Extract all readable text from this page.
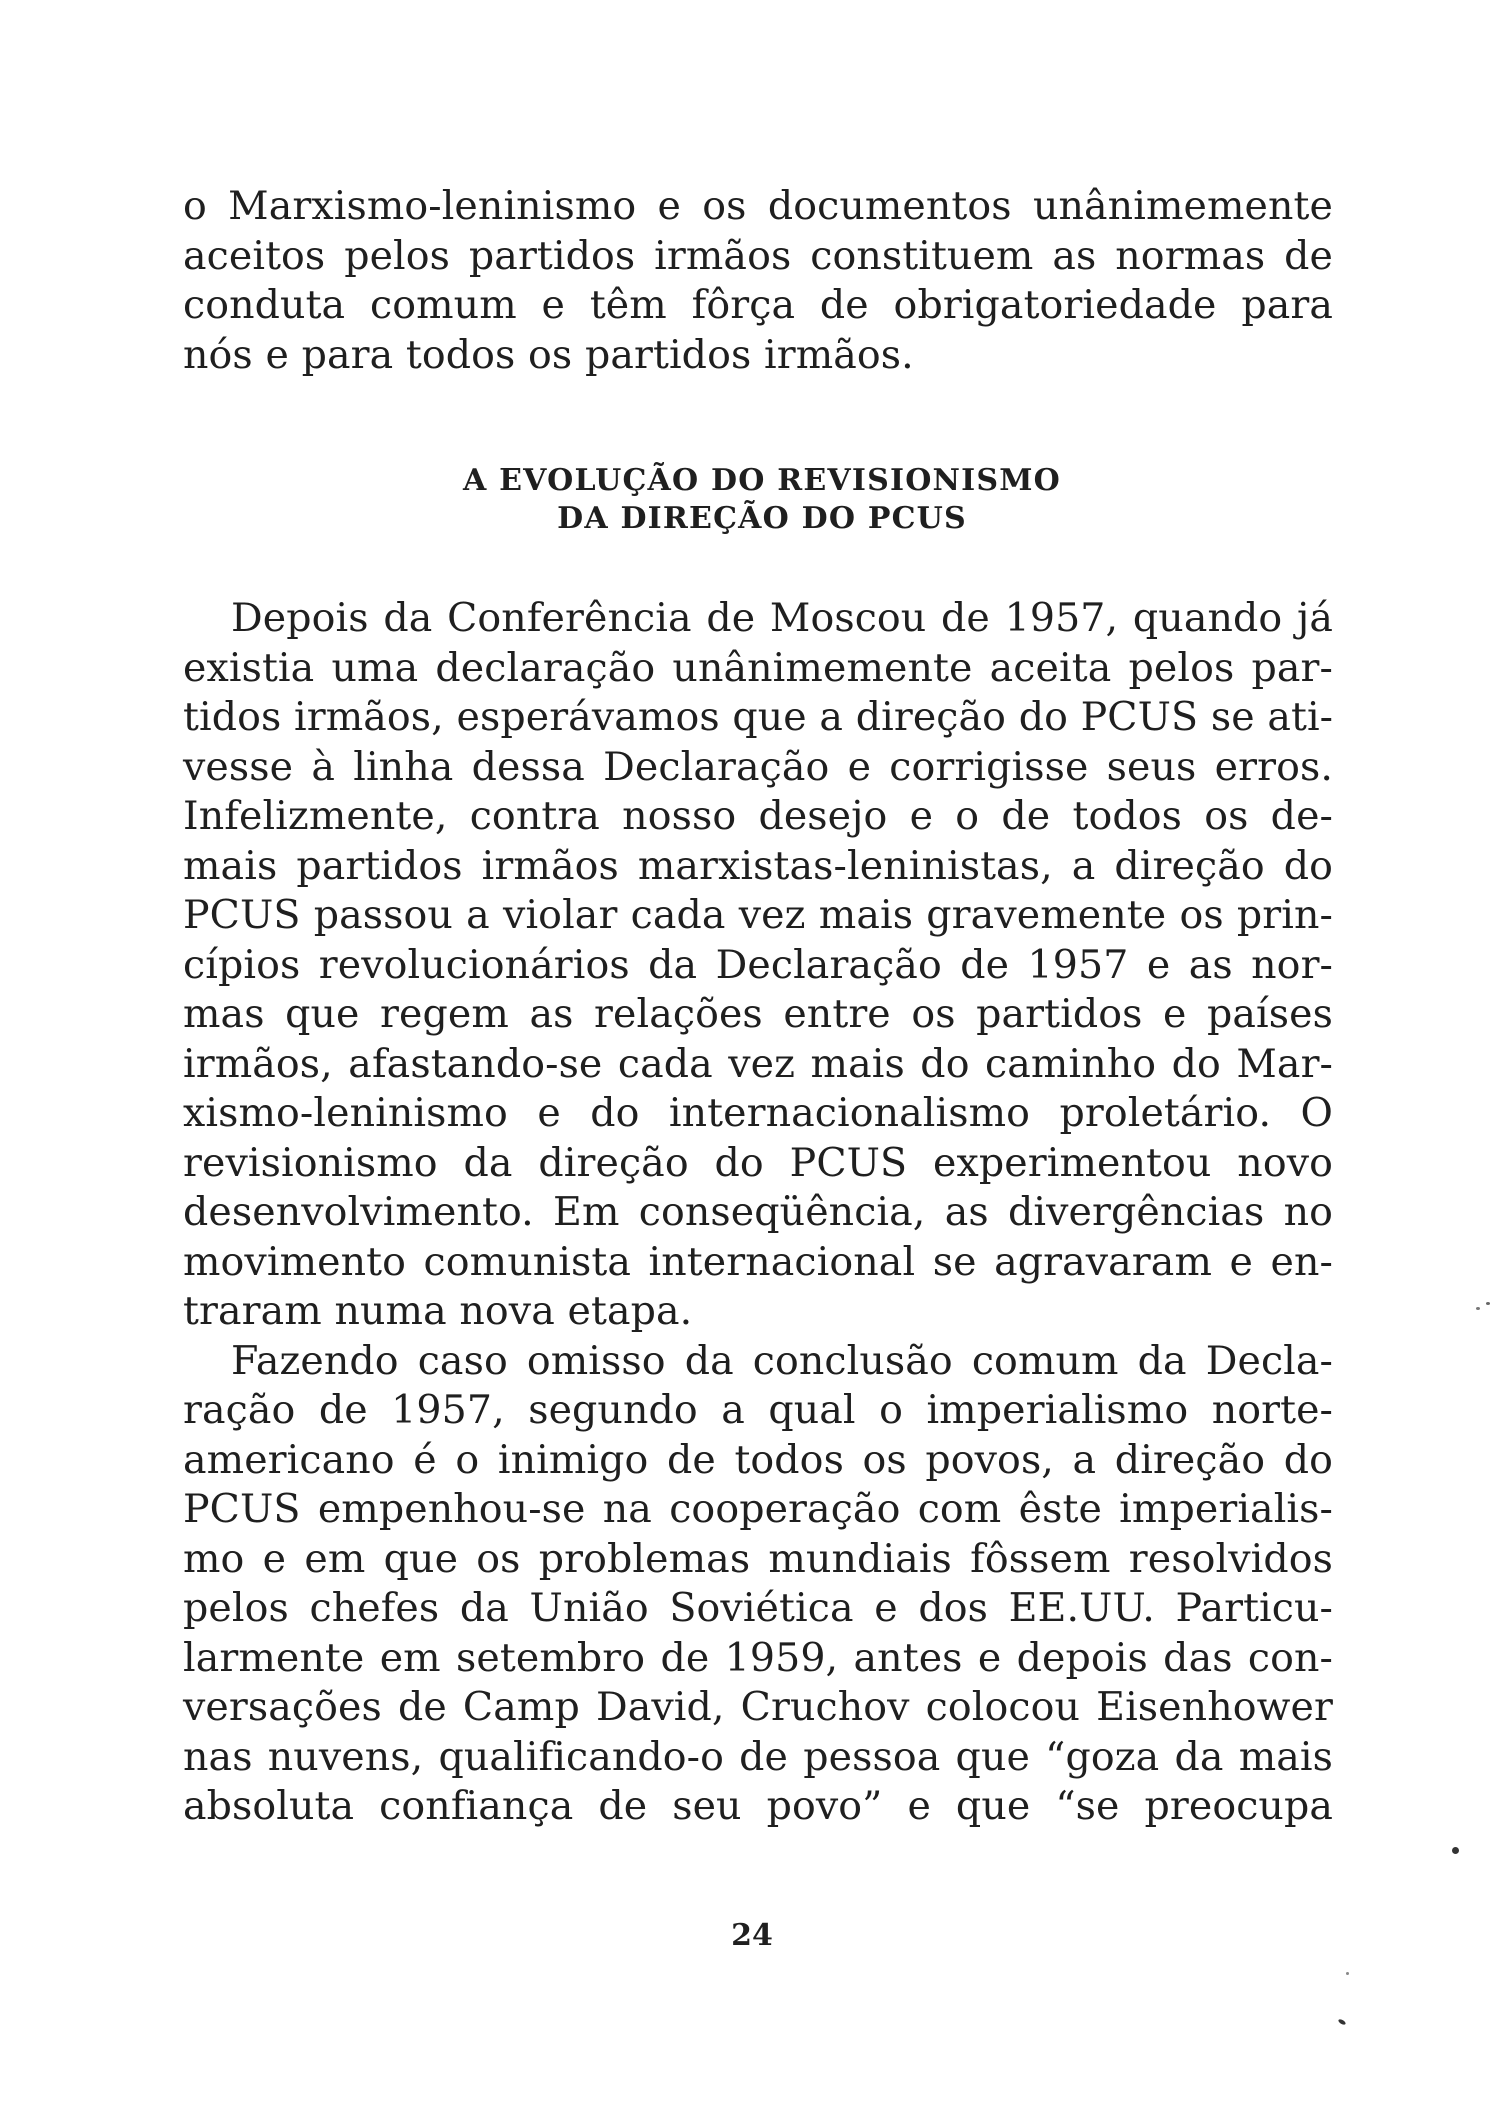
o Marxismo-leninismo e os documentos unânimemente
aceitos pelos partidos irmãos constituem as normas de
conduta comum e têm fôrça de obrigatoriedade para
nós e para todos os partidos irmãos.
A EVOLUÇÃO DO REVISIONISMO
DA DIREÇÃO DO PCUS
Depois da Conferência de Moscou de 1957, quando já
existia uma declaração unânimemente aceita pelos par-
tidos irmãos, esperávamos que a direção do PCUS se ati-
vesse à linha dessa Declaração e corrigisse seus erros.
Infelizmente, contra nosso desejo e o de todos os de-
mais partidos irmãos marxistas-leninistas, a direção do
PCUS passou a violar cada vez mais gravemente os prin-
cípios revolucionários da Declaração de 1957 e as nor-
mas que regem as relações entre os partidos e países
irmãos, afastando-se cada vez mais do caminho do Mar-
xismo-leninismo e do internacionalismo proletário. O
revisionismo da direção do PCUS experimentou novo
desenvolvimento. Em conseqüência, as divergências no
movimento comunista internacional se agravaram e en-
traram numa nova etapa.
Fazendo caso omisso da conclusão comum da Decla-
ração de 1957, segundo a qual o imperialismo norte-
americano é o inimigo de todos os povos, a direção do
PCUS empenhou-se na cooperação com êste imperialis-
mo e em que os problemas mundiais fôssem resolvidos
pelos chefes da União Soviética e dos EE.UU. Particu-
larmente em setembro de 1959, antes e depois das con-
versações de Camp David, Cruchov colocou Eisenhower
nas nuvens, qualificando-o de pessoa que “goza da mais
absoluta confiança de seu povo” e que “se preocupa
24
